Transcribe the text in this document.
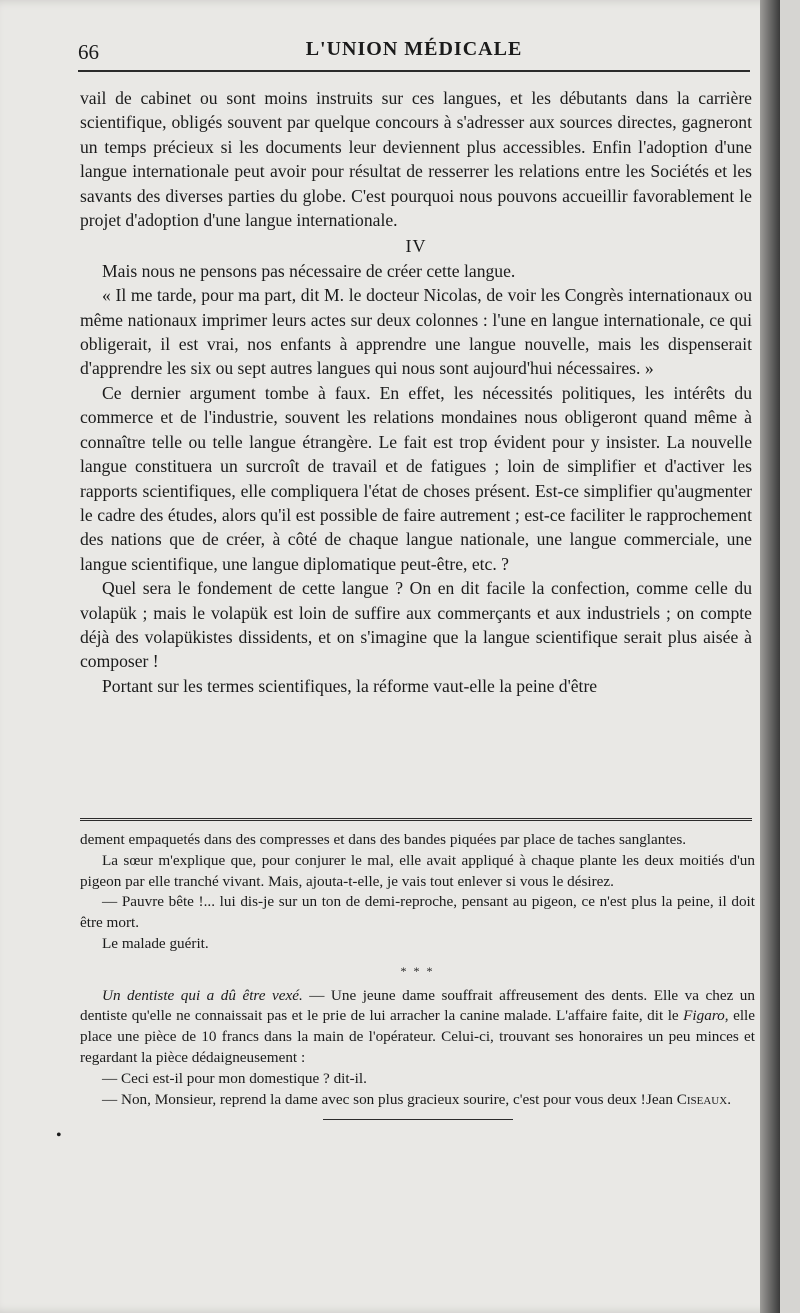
66	L'UNION MÉDICALE

vail de cabinet ou sont moins instruits sur ces langues, et les débutants dans la carrière scientifique, obligés souvent par quelque concours à s'adresser aux sources directes, gagneront un temps précieux si les documents leur deviennent plus accessibles. Enfin l'adoption d'une langue internationale peut avoir pour résultat de resserrer les relations entre les Sociétés et les savants des diverses parties du globe. C'est pourquoi nous pouvons accueillir favorablement le projet d'adoption d'une langue internationale.

IV

Mais nous ne pensons pas nécessaire de créer cette langue.

« Il me tarde, pour ma part, dit M. le docteur Nicolas, de voir les Congrès internationaux ou même nationaux imprimer leurs actes sur deux colonnes : l'une en langue internationale, ce qui obligerait, il est vrai, nos enfants à apprendre une langue nouvelle, mais les dispenserait d'apprendre les six ou sept autres langues qui nous sont aujourd'hui nécessaires. »

Ce dernier argument tombe à faux. En effet, les nécessités politiques, les intérêts du commerce et de l'industrie, souvent les relations mondaines nous obligeront quand même à connaître telle ou telle langue étrangère. Le fait est trop évident pour y insister. La nouvelle langue constituera un surcroît de travail et de fatigues ; loin de simplifier et d'activer les rapports scientifiques, elle compliquera l'état de choses présent. Est-ce simplifier qu'augmenter le cadre des études, alors qu'il est possible de faire autrement ; est-ce faciliter le rapprochement des nations que de créer, à côté de chaque langue nationale, une langue commerciale, une langue scientifique, une langue diplomatique peut-être, etc. ?

Quel sera le fondement de cette langue ? On en dit facile la confection, comme celle du volapük ; mais le volapük est loin de suffire aux commerçants et aux industriels ; on compte déjà des volapükistes dissidents, et on s'imagine que la langue scientifique serait plus aisée à composer !

Portant sur les termes scientifiques, la réforme vaut-elle la peine d'être

dement empaquetés dans des compresses et dans des bandes piquées par place de taches sanglantes.

La sœur m'explique que, pour conjurer le mal, elle avait appliqué à chaque plante les deux moitiés d'un pigeon par elle tranché vivant. Mais, ajouta-t-elle, je vais tout enlever si vous le désirez.

— Pauvre bête !... lui dis-je sur un ton de demi-reproche, pensant au pigeon, ce n'est plus la peine, il doit être mort.

Le malade guérit.

* * *

Un dentiste qui a dû être vexé. — Une jeune dame souffrait affreusement des dents. Elle va chez un dentiste qu'elle ne connaissait pas et le prie de lui arracher la canine malade. L'affaire faite, dit le Figaro, elle place une pièce de 10 francs dans la main de l'opérateur. Celui-ci, trouvant ses honoraires un peu minces et regardant la pièce dédaigneusement :

— Ceci est-il pour mon domestique ? dit-il.

— Non, Monsieur, reprend la dame avec son plus gracieux sourire, c'est pour vous deux ! Jean Ciseaux.
•
